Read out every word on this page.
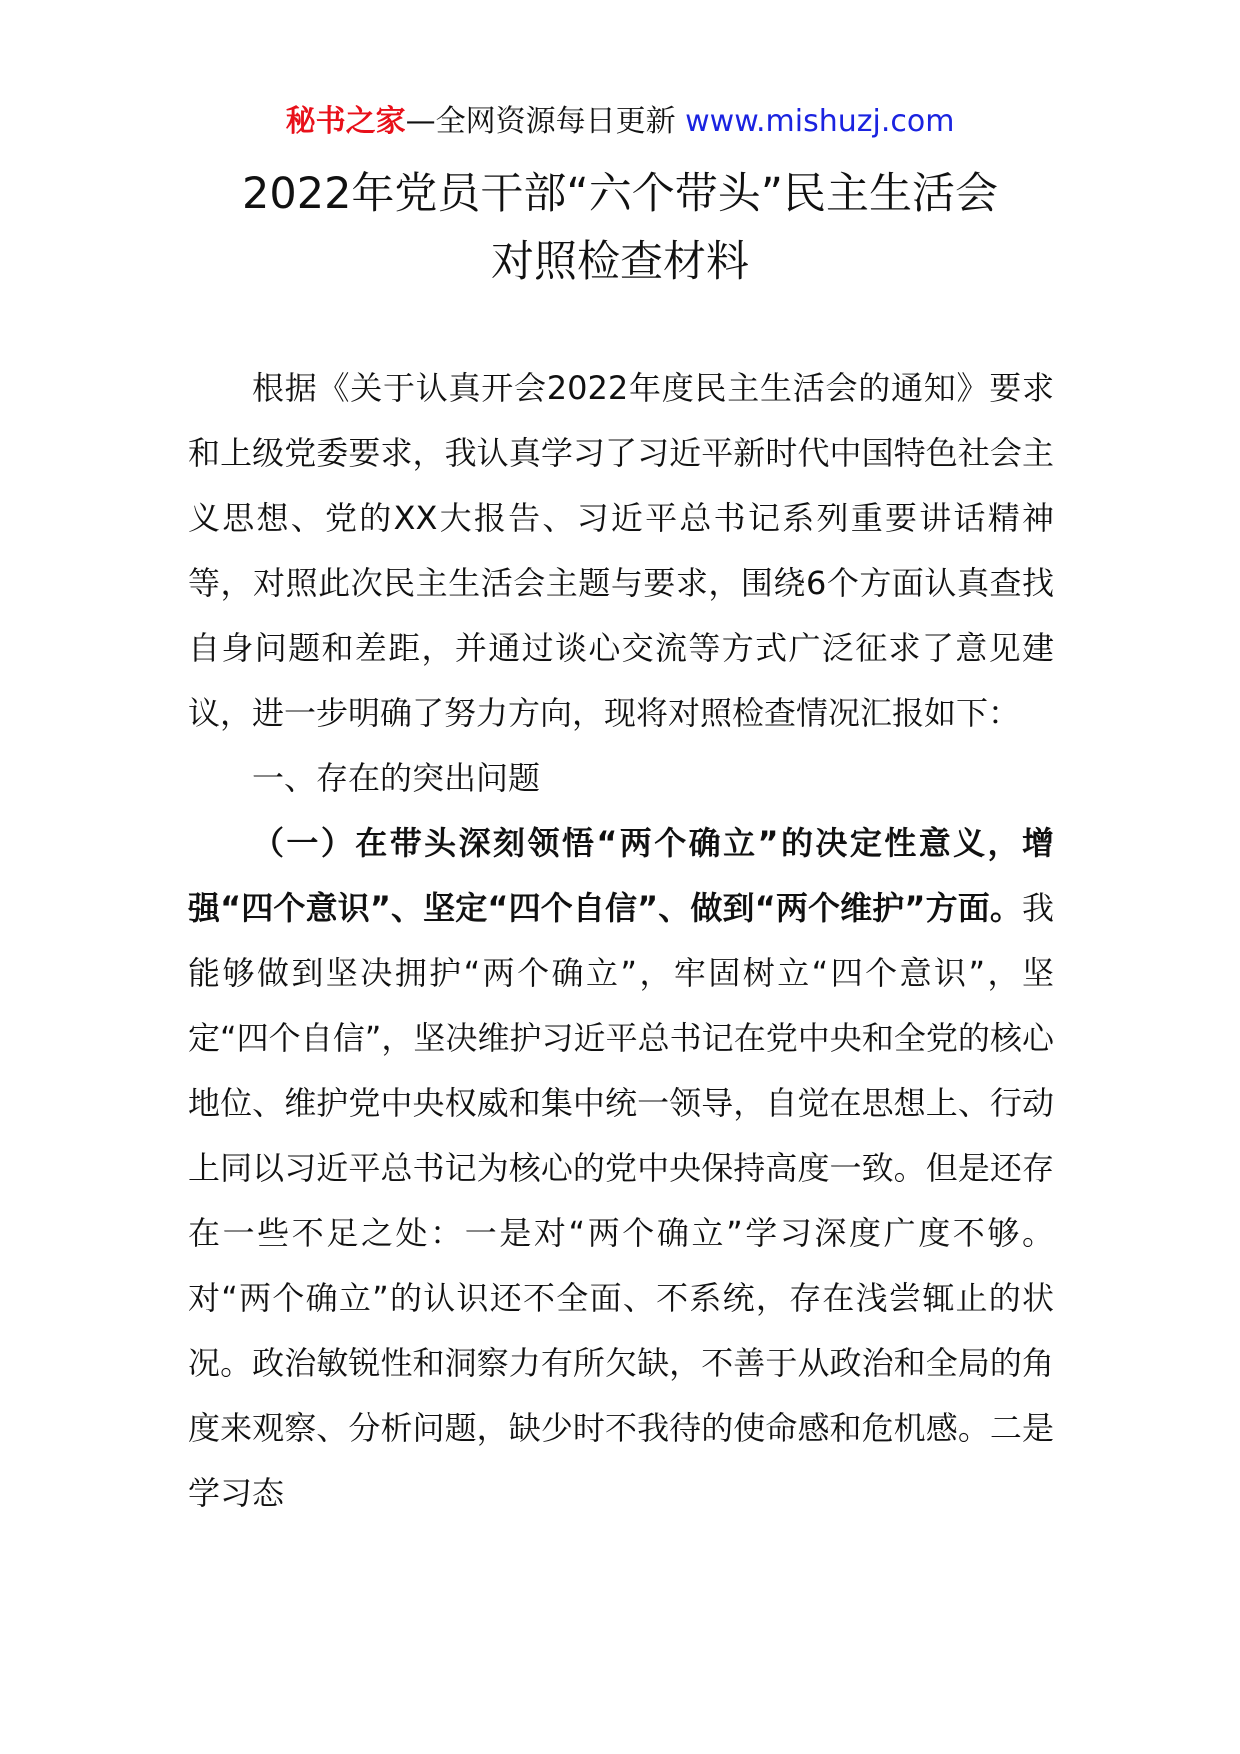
秘书之家—全网资源每日更新 www.mishuzj.com
2022年党员干部“六个带头”民主生活会
对照检查材料

根据《关于认真开会2022年度民主生活会的通知》要求和上级党委要求，我认真学习了习近平新时代中国特色社会主义思想、党的XX大报告、习近平总书记系列重要讲话精神等，对照此次民主生活会主题与要求，围绕6个方面认真查找自身问题和差距，并通过谈心交流等方式广泛征求了意见建议，进一步明确了努力方向，现将对照检查情况汇报如下：

一、存在的突出问题

（一）在带头深刻领悟“两个确立”的决定性意义，增强“四个意识”、坚定“四个自信”、做到“两个维护”方面。我能够做到坚决拥护“两个确立”，牢固树立“四个意识”，坚定“四个自信”，坚决维护习近平总书记在党中央和全党的核心地位、维护党中央权威和集中统一领导，自觉在思想上、行动上同以习近平总书记为核心的党中央保持高度一致。但是还存在一些不足之处：一是对“两个确立”学习深度广度不够。对“两个确立”的认识还不全面、不系统，存在浅尝辄止的状况。政治敏锐性和洞察力有所欠缺，不善于从政治和全局的角度来观察、分析问题，缺少时不我待的使命感和危机感。二是学习态
